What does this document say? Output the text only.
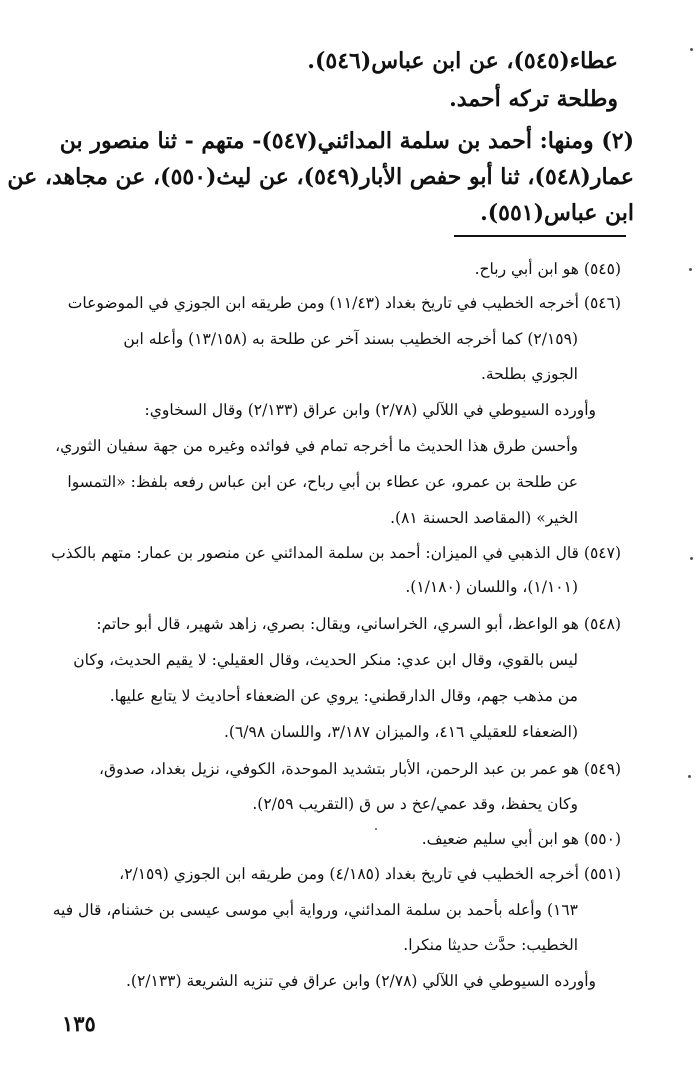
عطاء(٥٤٥)، عن ابن عباس(٥٤٦).

وطلحة تركه أحمد.

(٢) ومنها: أحمد بن سلمة المدائني(٥٤٧)- متهم - ثنا منصور بن

عمار(٥٤٨)، ثنا أبو حفص الأبار(٥٤٩)، عن ليث(٥٥٠)، عن مجاهد، عن

ابن عباس(٥٥١).

(٥٤٥) هو ابن أبي رباح.

(٥٤٦) أخرجه الخطيب في تاريخ بغداد (١١/٤٣) ومن طريقه ابن الجوزي في الموضوعات

(٢/١٥٩) كما أخرجه الخطيب بسند آخر عن طلحة به (١٣/١٥٨) وأعله ابن

الجوزي بطلحة.

وأورده السيوطي في اللآلي (٢/٧٨) وابن عراق (٢/١٣٣) وقال السخاوي:

وأحسن طرق هذا الحديث ما أخرجه تمام في فوائده وغيره من جهة سفيان الثوري،

عن طلحة بن عمرو، عن عطاء بن أبي رباح، عن ابن عباس رفعه بلفظ: «التمسوا

الخير» (المقاصد الحسنة ٨١).

(٥٤٧) قال الذهبي في الميزان: أحمد بن سلمة المدائني عن منصور بن عمار: متهم بالكذب

(١/١٠١)، واللسان (١/١٨٠).

(٥٤٨) هو الواعظ، أبو السري، الخراساني، ويقال: بصري، زاهد شهير، قال أبو حاتم:

ليس بالقوي، وقال ابن عدي: منكر الحديث، وقال العقيلي: لا يقيم الحديث، وكان

من مذهب جهم، وقال الدارقطني: يروي عن الضعفاء أحاديث لا يتابع عليها.

(الضعفاء للعقيلي ٤١٦، والميزان ٣/١٨٧، واللسان ٦/٩٨).

(٥٤٩) هو عمر بن عبد الرحمن، الأبار بتشديد الموحدة، الكوفي، نزيل بغداد، صدوق،

وكان يحفظ، وقد عمي/عخ د س ق (التقريب ٢/٥٩).

(٥٥٠) هو ابن أبي سليم ضعيف.

(٥٥١) أخرجه الخطيب في تاريخ بغداد (٤/١٨٥) ومن طريقه ابن الجوزي (٢/١٥٩،

١٦٣) وأعله بأحمد بن سلمة المدائني، ورواية أبي موسى عيسى بن خشنام، قال فيه

الخطيب: حدَّث حديثا منكرا.

وأورده السيوطي في اللآلي (٢/٧٨) وابن عراق في تنزيه الشريعة (٢/١٣٣).

١٣٥
